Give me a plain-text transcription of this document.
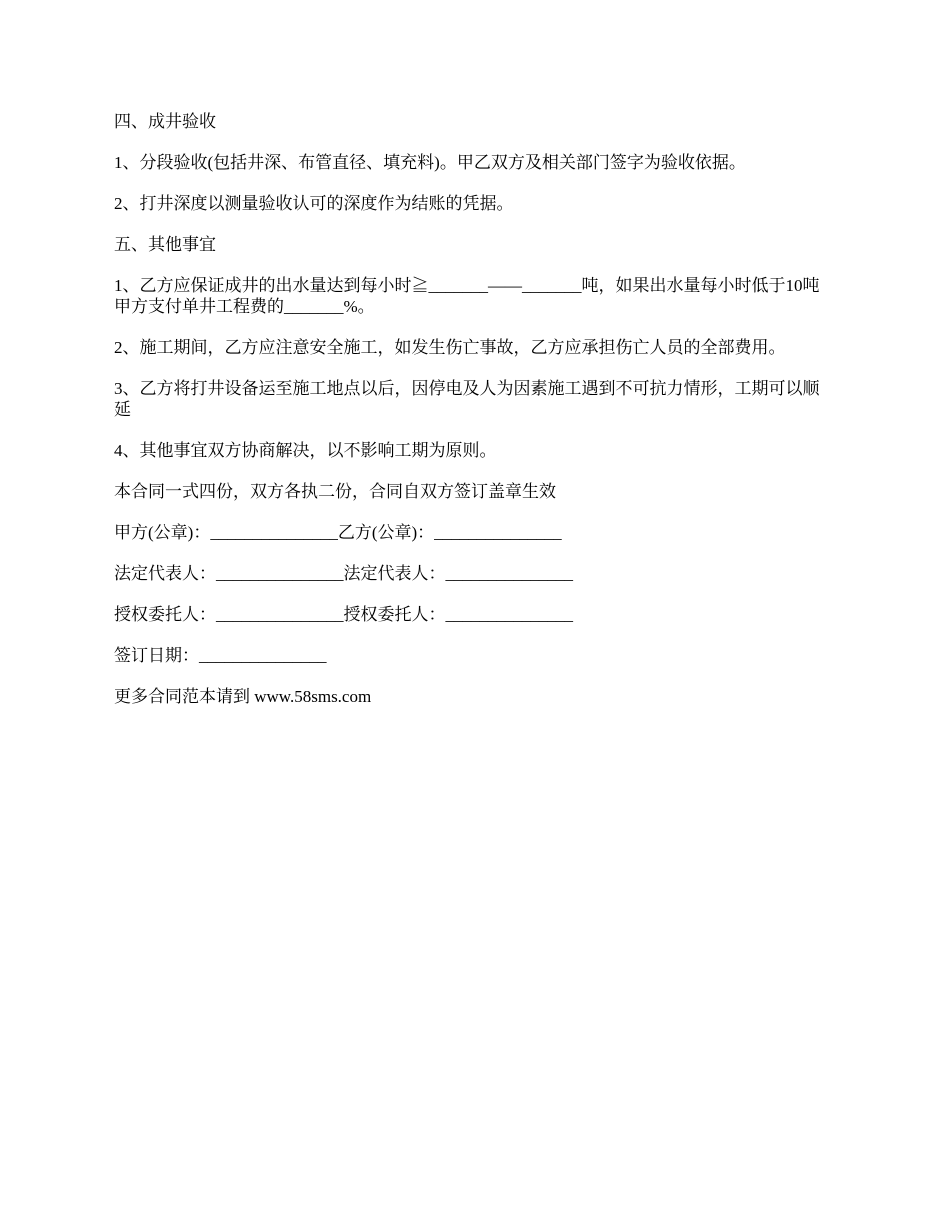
四、成井验收

1、分段验收(包括井深、布管直径、填充料)。甲乙双方及相关部门签字为验收依据。

2、打井深度以测量验收认可的深度作为结账的凭据。

五、其他事宜

1、乙方应保证成井的出水量达到每小时≧_______——_______吨，如果出水量每小时低于10吨甲方支付单井工程费的_______%。

2、施工期间，乙方应注意安全施工，如发生伤亡事故，乙方应承担伤亡人员的全部费用。

3、乙方将打井设备运至施工地点以后，因停电及人为因素施工遇到不可抗力情形，工期可以顺延

4、其他事宜双方协商解决，以不影响工期为原则。

本合同一式四份，双方各执二份，合同自双方签订盖章生效

甲方(公章)：_______________乙方(公章)：_______________

法定代表人：_______________法定代表人：_______________

授权委托人：_______________授权委托人：_______________

签订日期：_______________

更多合同范本请到 www.58sms.com
